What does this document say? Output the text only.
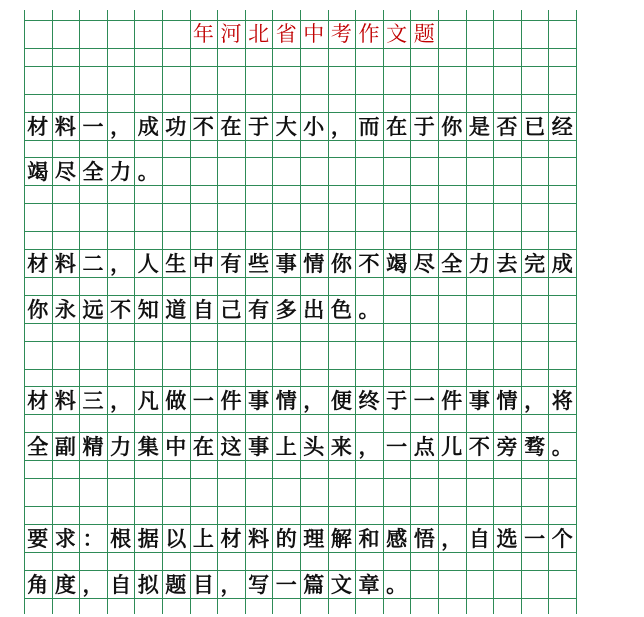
年 河 北 省 中 考 作 文 题
材 料 一 ， 成 功 不 在 于 大 小 ， 而 在 于 你 是 否 已 经
竭 尽 全 力 。
材 料 二 ， 人 生 中 有 些 事 情 你 不 竭 尽 全 力 去 完 成
你 永 远 不 知 道 自 己 有 多 出 色 。
材 料 三 ， 凡 做 一 件 事 情 ， 便 终 于 一 件 事 情 ， 将
全 副 精 力 集 中 在 这 事 上 头 来 ， 一 点 儿 不 旁 骛 。
要 求 ： 根 据 以 上 材 料 的 理 解 和 感 悟 ， 自 选 一 个
角 度 ， 自 拟 题 目 ， 写 一 篇 文 章 。
